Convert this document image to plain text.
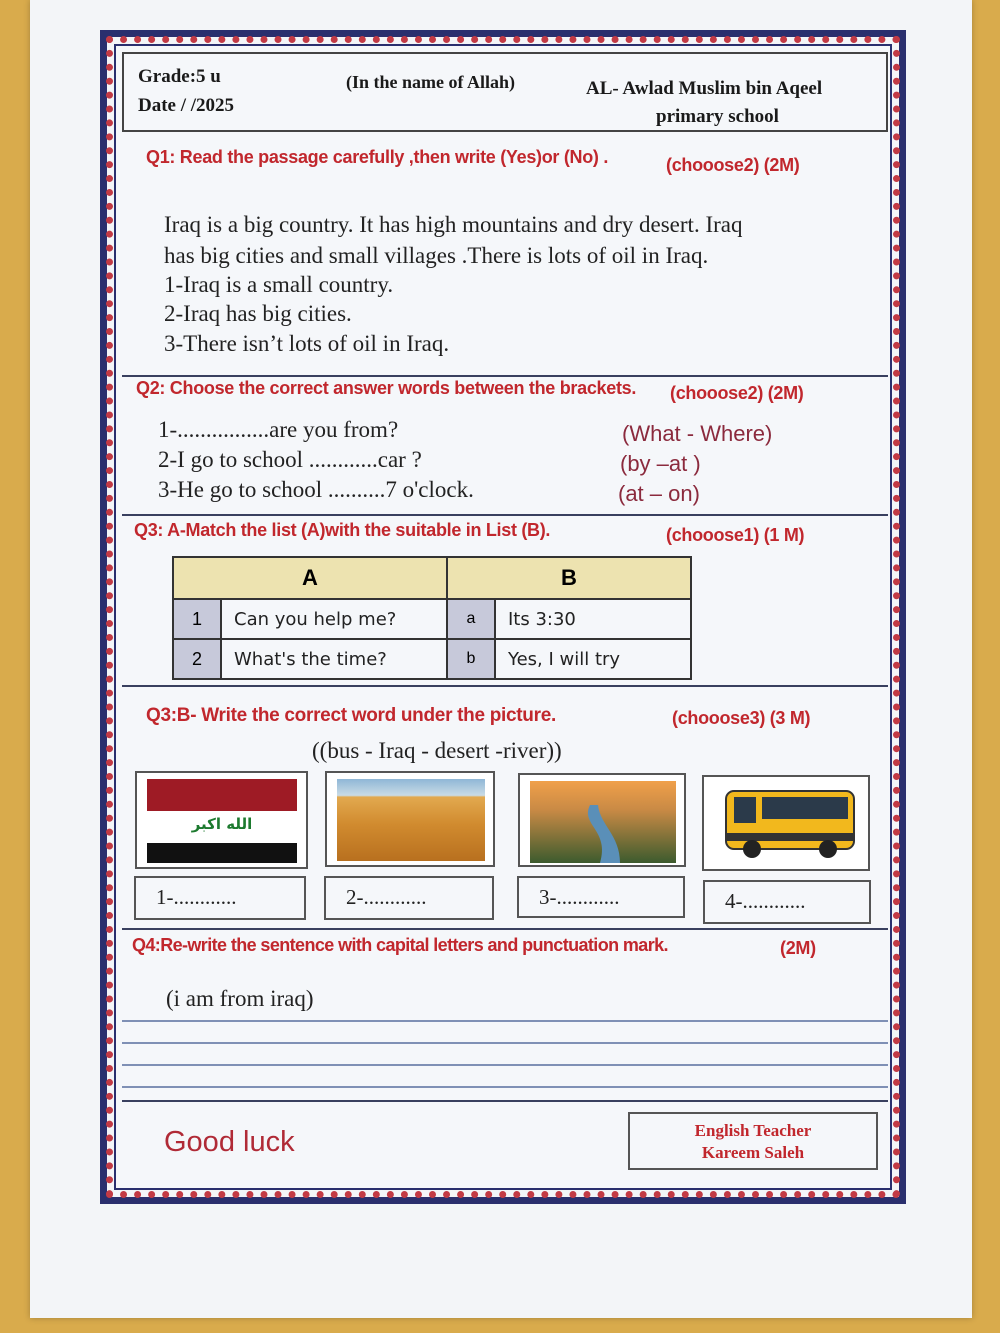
Grade:5 u
Date / /2025
(In the name of Allah)	AL- Awlad Muslim bin Aqeel
primary school
Q1: Read the passage carefully ,then write (Yes)or (No) .	(chooose2) (2M)
Iraq is a big country. It has high mountains and dry desert. Iraq
has big cities and small villages .There is lots of oil in Iraq.
1-Iraq is a small country.
2-Iraq has big cities.
3-There isn’t lots of oil in Iraq.
Q2: Choose the correct answer words between the brackets. (chooose2) (2M)
1-................are you from?	(What - Where)
2-I go to school ............car ?	(by –at )
3-He go to school ..........7 o'clock.	(at – on)
Q3: A-Match the list (A)with the suitable in List (B).	(chooose1) (1 M)
A		B	
1	Can you help me?	a	Its 3:30
2	What's the time?	b	Yes, I will try
Q3:B- Write the correct word under the picture.	(chooose3) (3 M)
((bus - Iraq - desert -river))
الله اكبر
1-............	2-............	3-............	4-............
Q4:Re-write the sentence with capital letters and punctuation mark.	(2M)
(i am from iraq)
Good luck	English Teacher
Kareem Saleh
